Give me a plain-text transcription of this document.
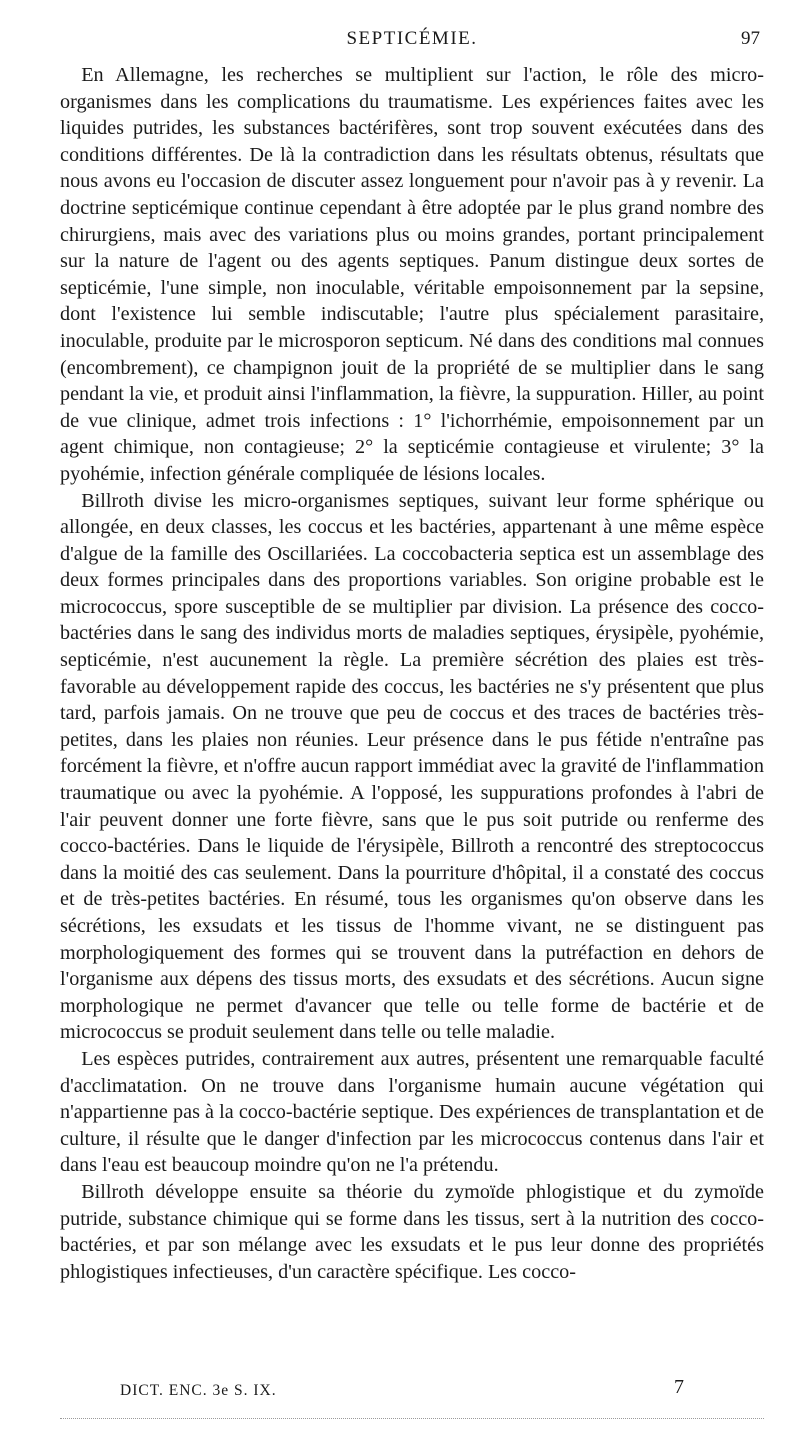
SEPTICÉMIE.	97

En Allemagne, les recherches se multiplient sur l'action, le rôle des micro-organismes dans les complications du traumatisme. Les expériences faites avec les liquides putrides, les substances bactérifères, sont trop souvent exécutées dans des conditions différentes. De là la contradiction dans les résultats obtenus, résultats que nous avons eu l'occasion de discuter assez longuement pour n'avoir pas à y revenir. La doctrine septicémique continue cependant à être adoptée par le plus grand nombre des chirurgiens, mais avec des variations plus ou moins grandes, portant principalement sur la nature de l'agent ou des agents septiques. Panum distingue deux sortes de septicémie, l'une simple, non inoculable, véritable empoisonnement par la sepsine, dont l'existence lui semble indiscutable; l'autre plus spécialement parasitaire, inoculable, produite par le microsporon septicum. Né dans des conditions mal connues (encombrement), ce champignon jouit de la propriété de se multiplier dans le sang pendant la vie, et produit ainsi l'inflammation, la fièvre, la suppuration. Hiller, au point de vue clinique, admet trois infections : 1° l'ichorrhémie, empoisonnement par un agent chimique, non contagieuse; 2° la septicémie contagieuse et virulente; 3° la pyohémie, infection générale compliquée de lésions locales.

Billroth divise les micro-organismes septiques, suivant leur forme sphérique ou allongée, en deux classes, les coccus et les bactéries, appartenant à une même espèce d'algue de la famille des Oscillariées. La coccobacteria septica est un assemblage des deux formes principales dans des proportions variables. Son origine probable est le micrococcus, spore susceptible de se multiplier par division. La présence des cocco-bactéries dans le sang des individus morts de maladies septiques, érysipèle, pyohémie, septicémie, n'est aucunement la règle. La première sécrétion des plaies est très-favorable au développement rapide des coccus, les bactéries ne s'y présentent que plus tard, parfois jamais. On ne trouve que peu de coccus et des traces de bactéries très-petites, dans les plaies non réunies. Leur présence dans le pus fétide n'entraîne pas forcément la fièvre, et n'offre aucun rapport immédiat avec la gravité de l'inflammation traumatique ou avec la pyohémie. A l'opposé, les suppurations profondes à l'abri de l'air peuvent donner une forte fièvre, sans que le pus soit putride ou renferme des cocco-bactéries. Dans le liquide de l'érysipèle, Billroth a rencontré des streptococcus dans la moitié des cas seulement. Dans la pourriture d'hôpital, il a constaté des coccus et de très-petites bactéries. En résumé, tous les organismes qu'on observe dans les sécrétions, les exsudats et les tissus de l'homme vivant, ne se distinguent pas morphologiquement des formes qui se trouvent dans la putréfaction en dehors de l'organisme aux dépens des tissus morts, des exsudats et des sécrétions. Aucun signe morphologique ne permet d'avancer que telle ou telle forme de bactérie et de micrococcus se produit seulement dans telle ou telle maladie.

Les espèces putrides, contrairement aux autres, présentent une remarquable faculté d'acclimatation. On ne trouve dans l'organisme humain aucune végétation qui n'appartienne pas à la cocco-bactérie septique. Des expériences de transplantation et de culture, il résulte que le danger d'infection par les micrococcus contenus dans l'air et dans l'eau est beaucoup moindre qu'on ne l'a prétendu.

Billroth développe ensuite sa théorie du zymoïde phlogistique et du zymoïde putride, substance chimique qui se forme dans les tissus, sert à la nutrition des cocco-bactéries, et par son mélange avec les exsudats et le pus leur donne des propriétés phlogistiques infectieuses, d'un caractère spécifique. Les cocco-

DICT. ENC. 3e S. IX.	7
